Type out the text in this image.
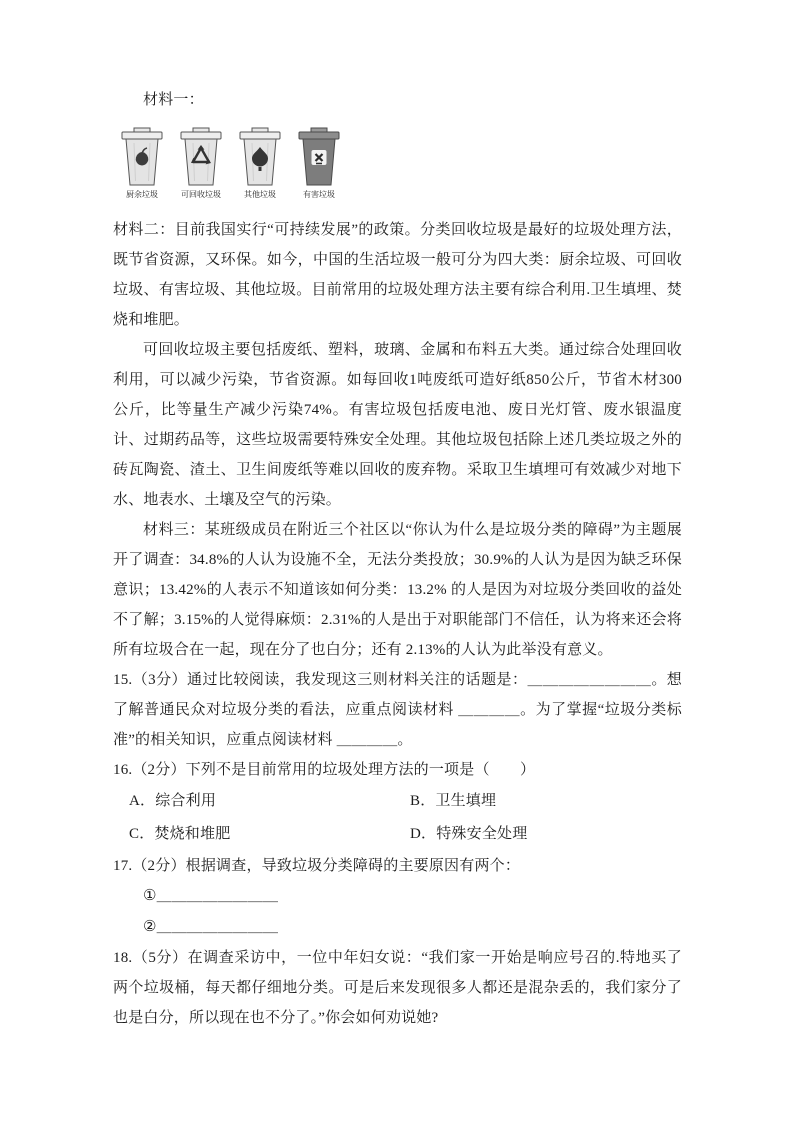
材料一：

厨余垃圾	可回收垃圾	其他垃圾	有害垃圾

材料二：目前我国实行“可持续发展”的政策。分类回收垃圾是最好的垃圾处理方法，既节省资源，又环保。如今，中国的生活垃圾一般可分为四大类：厨余垃圾、可回收垃圾、有害垃圾、其他垃圾。目前常用的垃圾处理方法主要有综合利用.卫生填埋、焚烧和堆肥。

可回收垃圾主要包括废纸、塑料，玻璃、金属和布料五大类。通过综合处理回收利用，可以减少污染，节省资源。如每回收1吨废纸可造好纸850公斤，节省木材300公斤，比等量生产减少污染74%。有害垃圾包括废电池、废日光灯管、废水银温度计、过期药品等，这些垃圾需要特殊安全处理。其他垃圾包括除上述几类垃圾之外的砖瓦陶瓷、渣土、卫生间废纸等难以回收的废弃物。采取卫生填埋可有效减少对地下水、地表水、土壤及空气的污染。

材料三：某班级成员在附近三个社区以“你认为什么是垃圾分类的障碍”为主题展开了调查：34.8%的人认为设施不全，无法分类投放；30.9%的人认为是因为缺乏环保意识；13.42%的人表示不知道该如何分类：13.2% 的人是因为对垃圾分类回收的益处不了解；3.15%的人觉得麻烦：2.31%的人是出于对职能部门不信任，认为将来还会将所有垃圾合在一起，现在分了也白分；还有 2.13%的人认为此举没有意义。

15.（3分）通过比较阅读，我发现这三则材料关注的话题是：＿＿＿＿＿＿＿＿。想了解普通民众对垃圾分类的看法，应重点阅读材料 ＿＿＿＿。为了掌握“垃圾分类标准”的相关知识，应重点阅读材料 ＿＿＿＿。

16.（2分）下列不是目前常用的垃圾处理方法的一项是（　　）

A．综合利用	B．卫生填埋
C．焚烧和堆肥	D．特殊安全处理

17.（2分）根据调查，导致垃圾分类障碍的主要原因有两个：

①＿＿＿＿＿＿＿＿

②＿＿＿＿＿＿＿＿

18.（5分）在调查采访中，一位中年妇女说：“我们家一开始是响应号召的.特地买了两个垃圾桶，每天都仔细地分类。可是后来发现很多人都还是混杂丢的，我们家分了也是白分，所以现在也不分了。”你会如何劝说她?
